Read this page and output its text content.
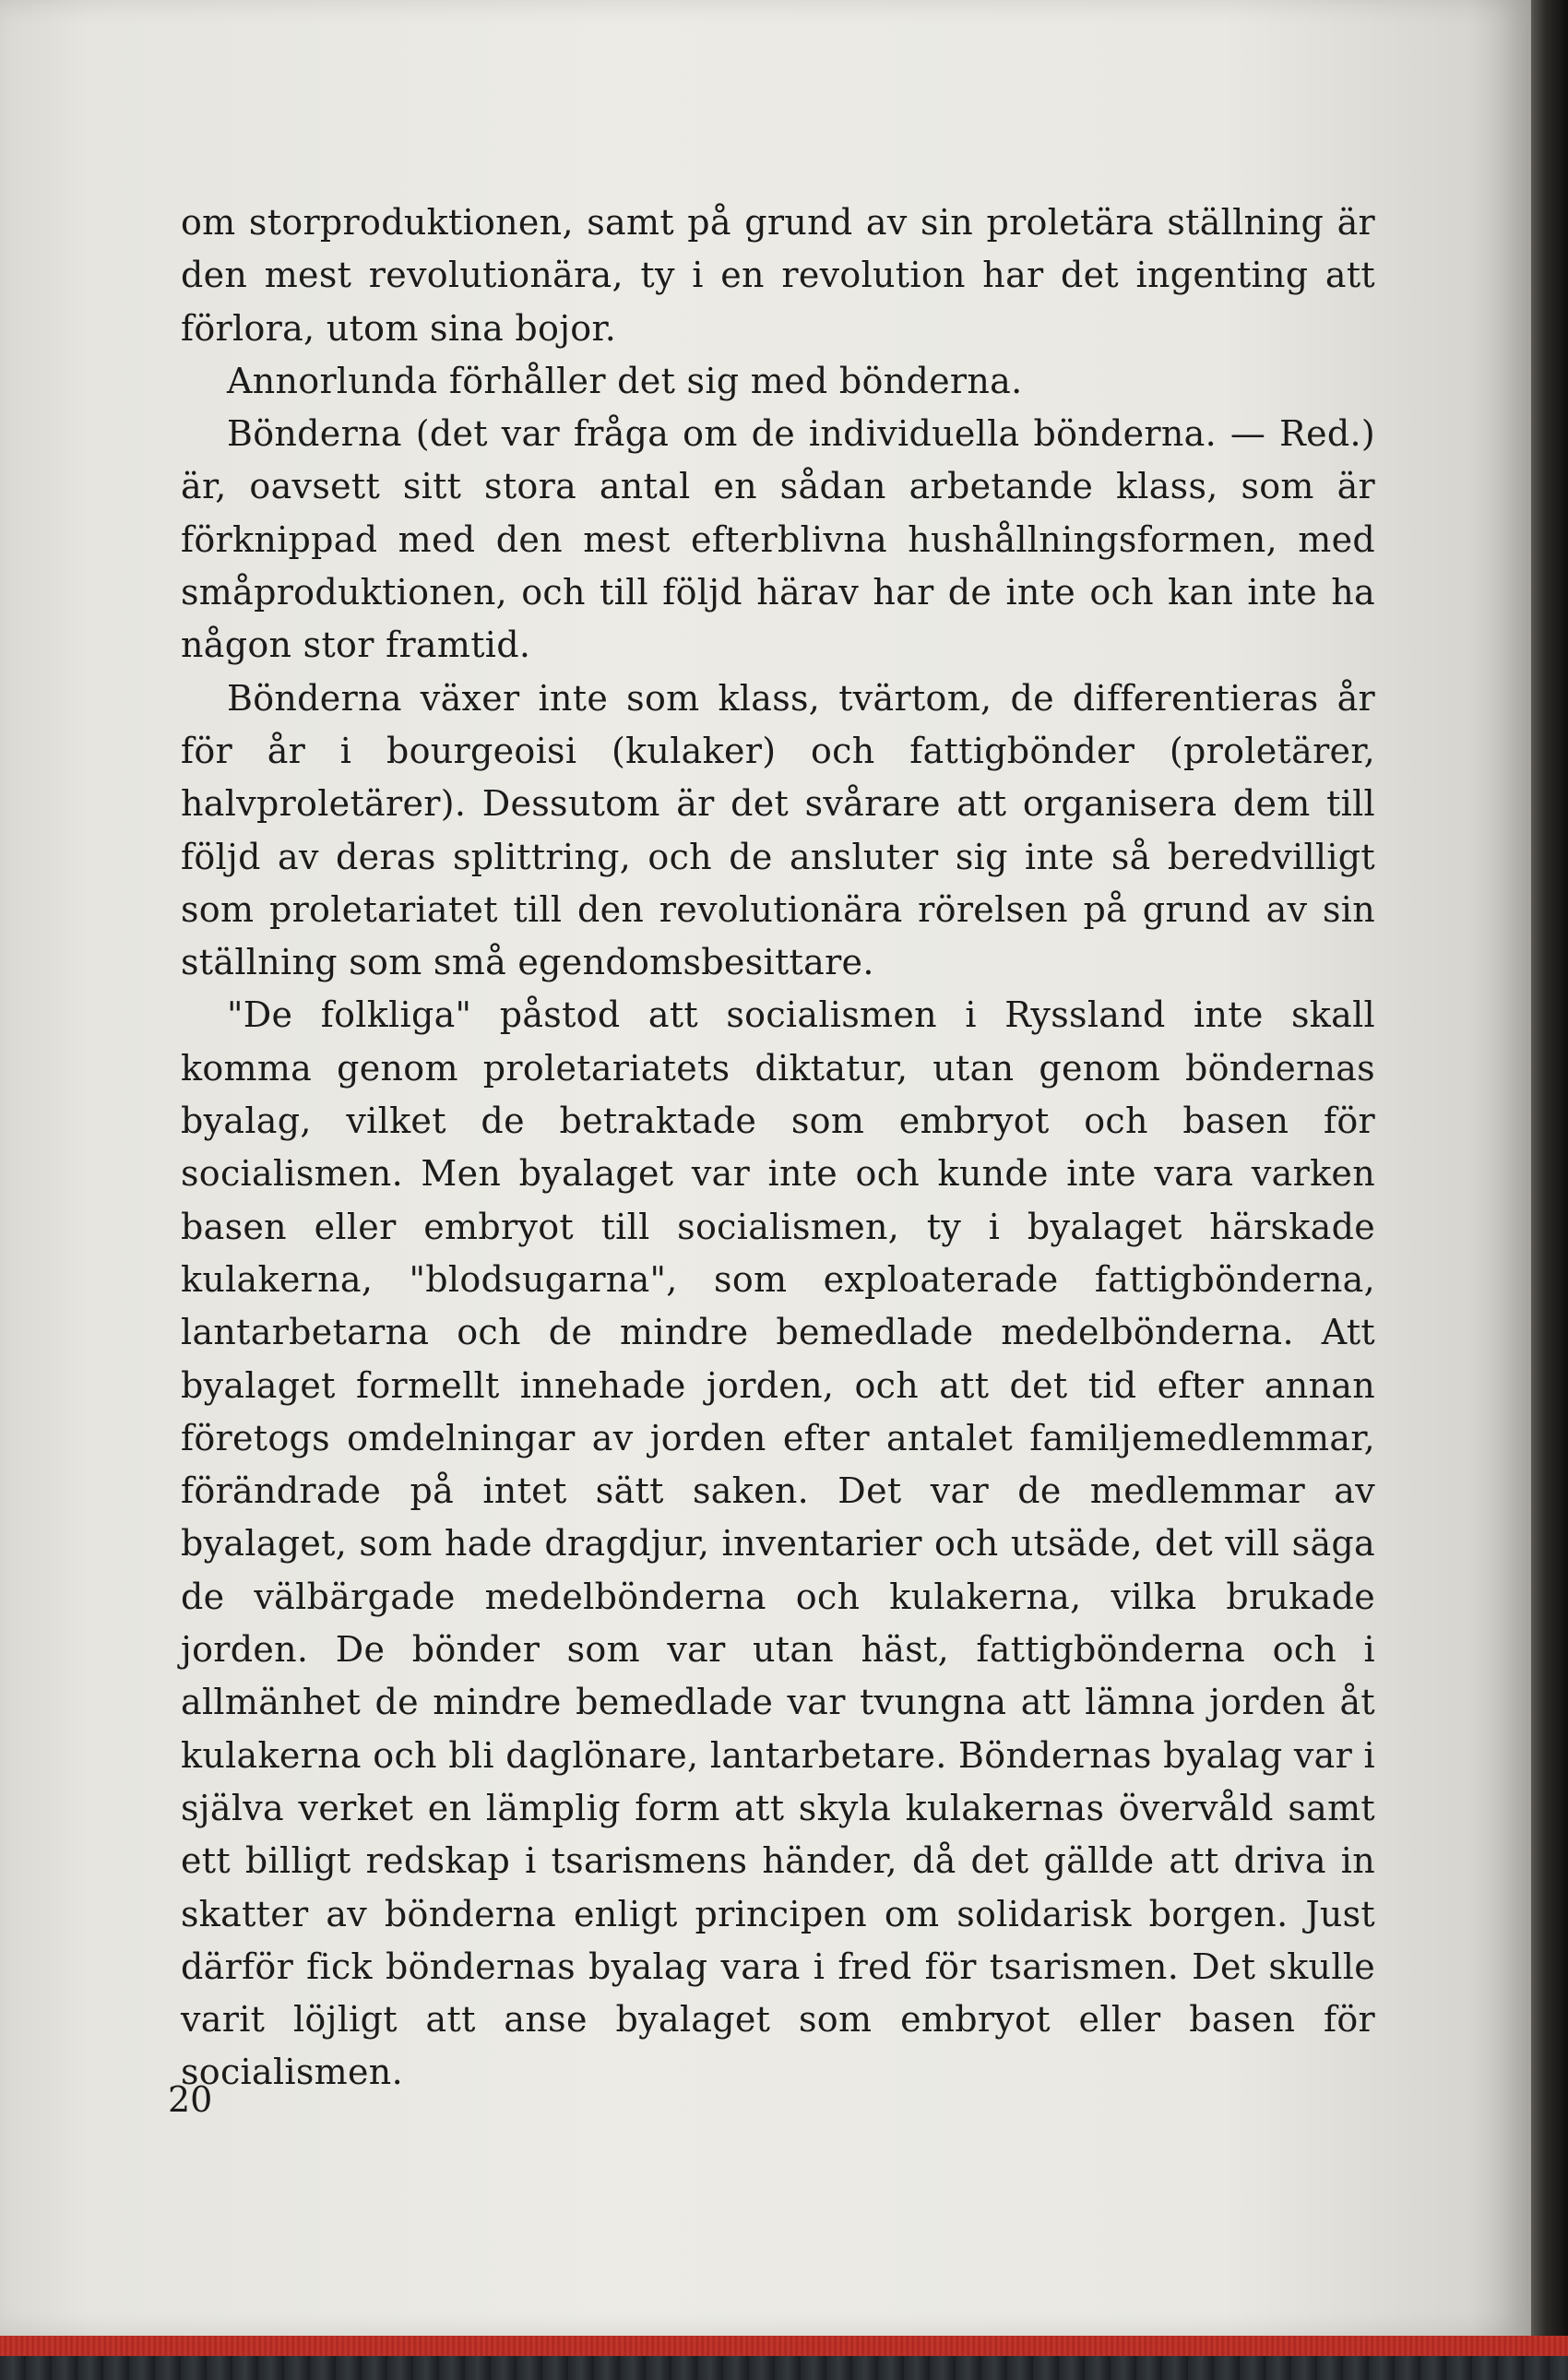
om storproduktionen, samt på grund av sin proletära ställning är den mest revolutionära, ty i en revolution har det ingenting att förlora, utom sina bojor.

Annorlunda förhåller det sig med bönderna.

Bönderna (det var fråga om de individuella bönderna. — Red.) är, oavsett sitt stora antal en sådan arbetande klass, som är förknippad med den mest efterblivna hushållningsformen, med småproduktionen, och till följd härav har de inte och kan inte ha någon stor framtid.

Bönderna växer inte som klass, tvärtom, de differentieras år för år i bourgeoisi (kulaker) och fattigbönder (proletärer, halvproletärer). Dessutom är det svårare att organisera dem till följd av deras splittring, och de ansluter sig inte så beredvilligt som proletariatet till den revolutionära rörelsen på grund av sin ställning som små egendomsbesittare.

"De folkliga" påstod att socialismen i Ryssland inte skall komma genom proletariatets diktatur, utan genom böndernas byalag, vilket de betraktade som embryot och basen för socialismen. Men byalaget var inte och kunde inte vara varken basen eller embryot till socialismen, ty i byalaget härskade kulakerna, "blodsugarna", som exploaterade fattigbönderna, lantarbetarna och de mindre bemedlade medelbönderna. Att byalaget formellt innehade jorden, och att det tid efter annan företogs omdelningar av jorden efter antalet familjemedlemmar, förändrade på intet sätt saken. Det var de medlemmar av byalaget, som hade dragdjur, inventarier och utsäde, det vill säga de välbärgade medelbönderna och kulakerna, vilka brukade jorden. De bönder som var utan häst, fattigbönderna och i allmänhet de mindre bemedlade var tvungna att lämna jorden åt kulakerna och bli daglönare, lantarbetare. Böndernas byalag var i själva verket en lämplig form att skyla kulakernas övervåld samt ett billigt redskap i tsarismens händer, då det gällde att driva in skatter av bönderna enligt principen om solidarisk borgen. Just därför fick böndernas byalag vara i fred för tsarismen. Det skulle varit löjligt att anse byalaget som embryot eller basen för socialismen.

20
